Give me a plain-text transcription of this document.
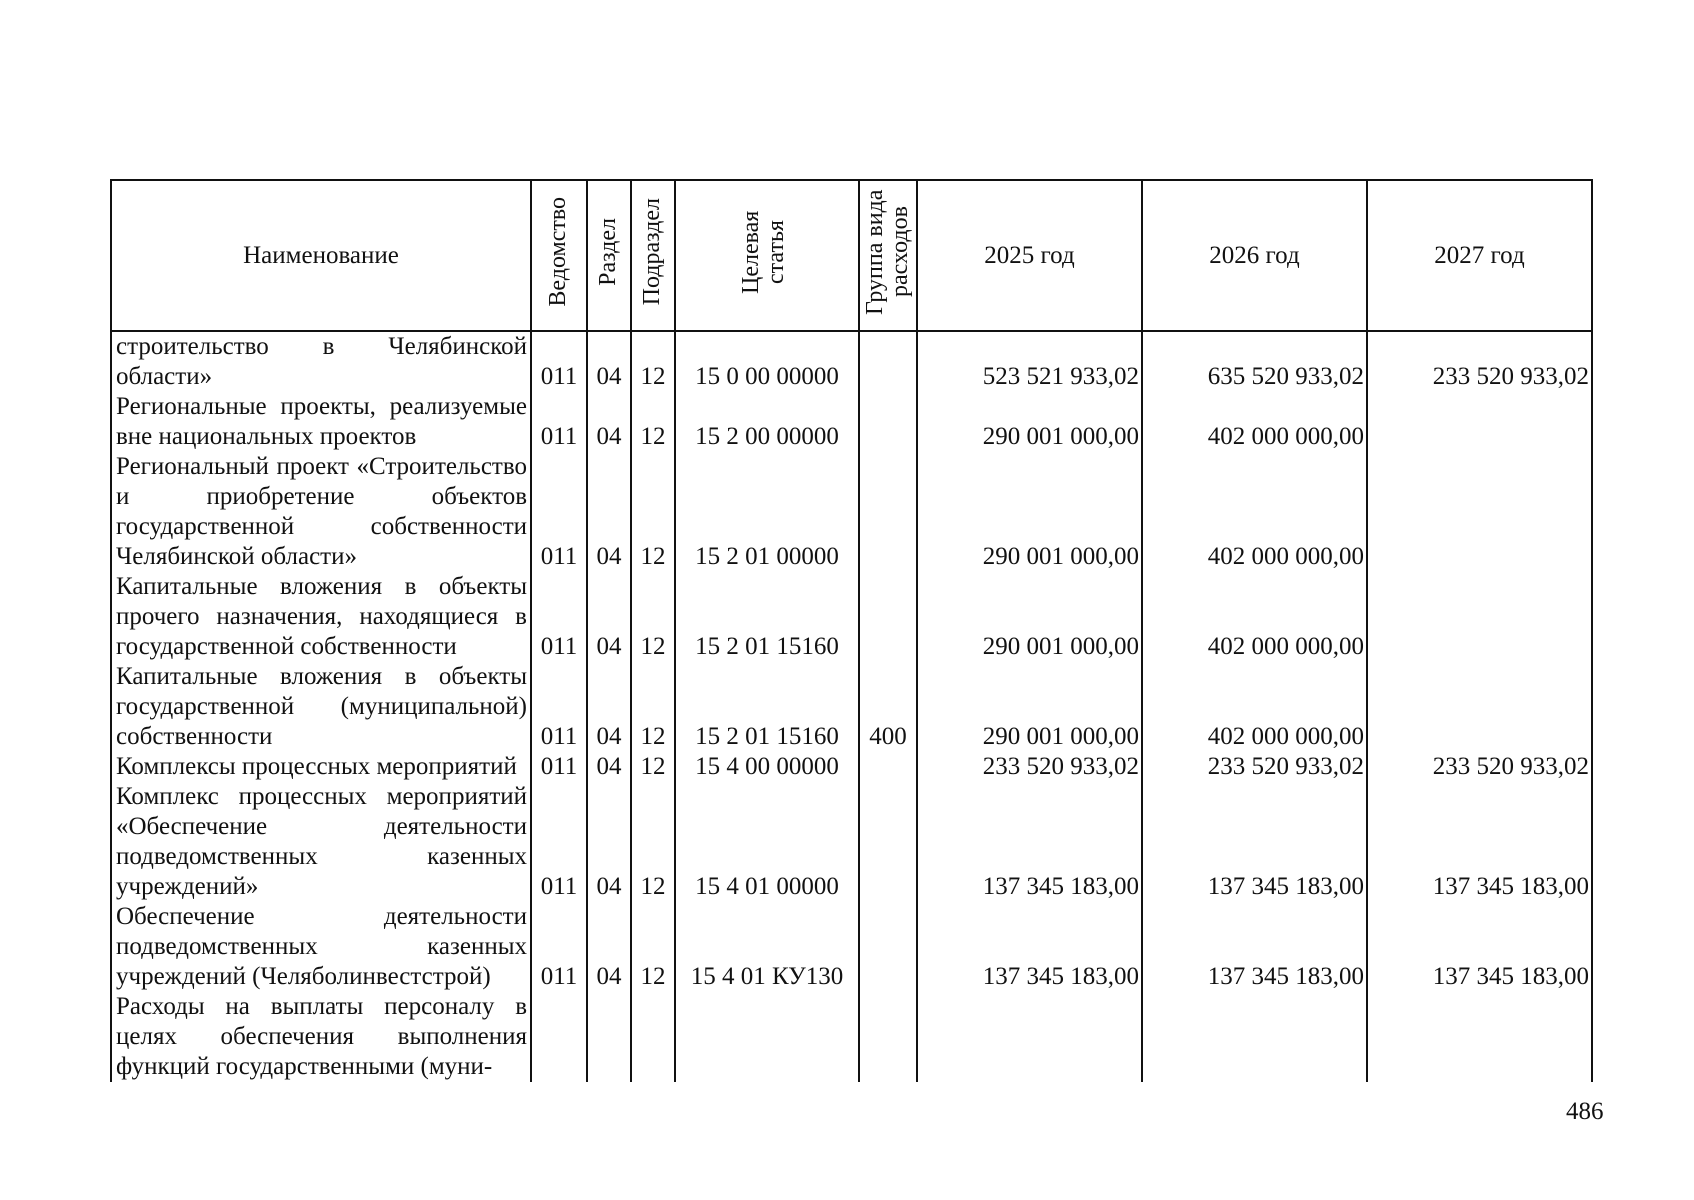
Наименование	Ведомство	Раздел	Подраздел	Целевая статья	Группа вида расходов	2025 год	2026 год	2027 год
строительство в Челябинской области»	011	04	12	15 0 00 00000		523 521 933,02	635 520 933,02	233 520 933,02
Региональные проекты, реализуемые вне национальных проектов	011	04	12	15 2 00 00000		290 001 000,00	402 000 000,00	
Региональный проект «Строительство и приобретение объектов государственной собственности Челябинской области»	011	04	12	15 2 01 00000		290 001 000,00	402 000 000,00	
Капитальные вложения в объекты прочего назначения, находящиеся в государственной собственности	011	04	12	15 2 01 15160		290 001 000,00	402 000 000,00	
Капитальные вложения в объекты государственной (муниципальной) собственности	011	04	12	15 2 01 15160	400	290 001 000,00	402 000 000,00	
Комплексы процессных мероприятий	011	04	12	15 4 00 00000		233 520 933,02	233 520 933,02	233 520 933,02
Комплекс процессных мероприятий «Обеспечение деятельности подведомственных казенных учреждений»	011	04	12	15 4 01 00000		137 345 183,00	137 345 183,00	137 345 183,00
Обеспечение деятельности подведомственных казенных учреждений (Челяболинвестстрой)	011	04	12	15 4 01 КУ130		137 345 183,00	137 345 183,00	137 345 183,00
Расходы на выплаты персоналу в целях обеспечения выполнения функций государственными (муни-								
486
